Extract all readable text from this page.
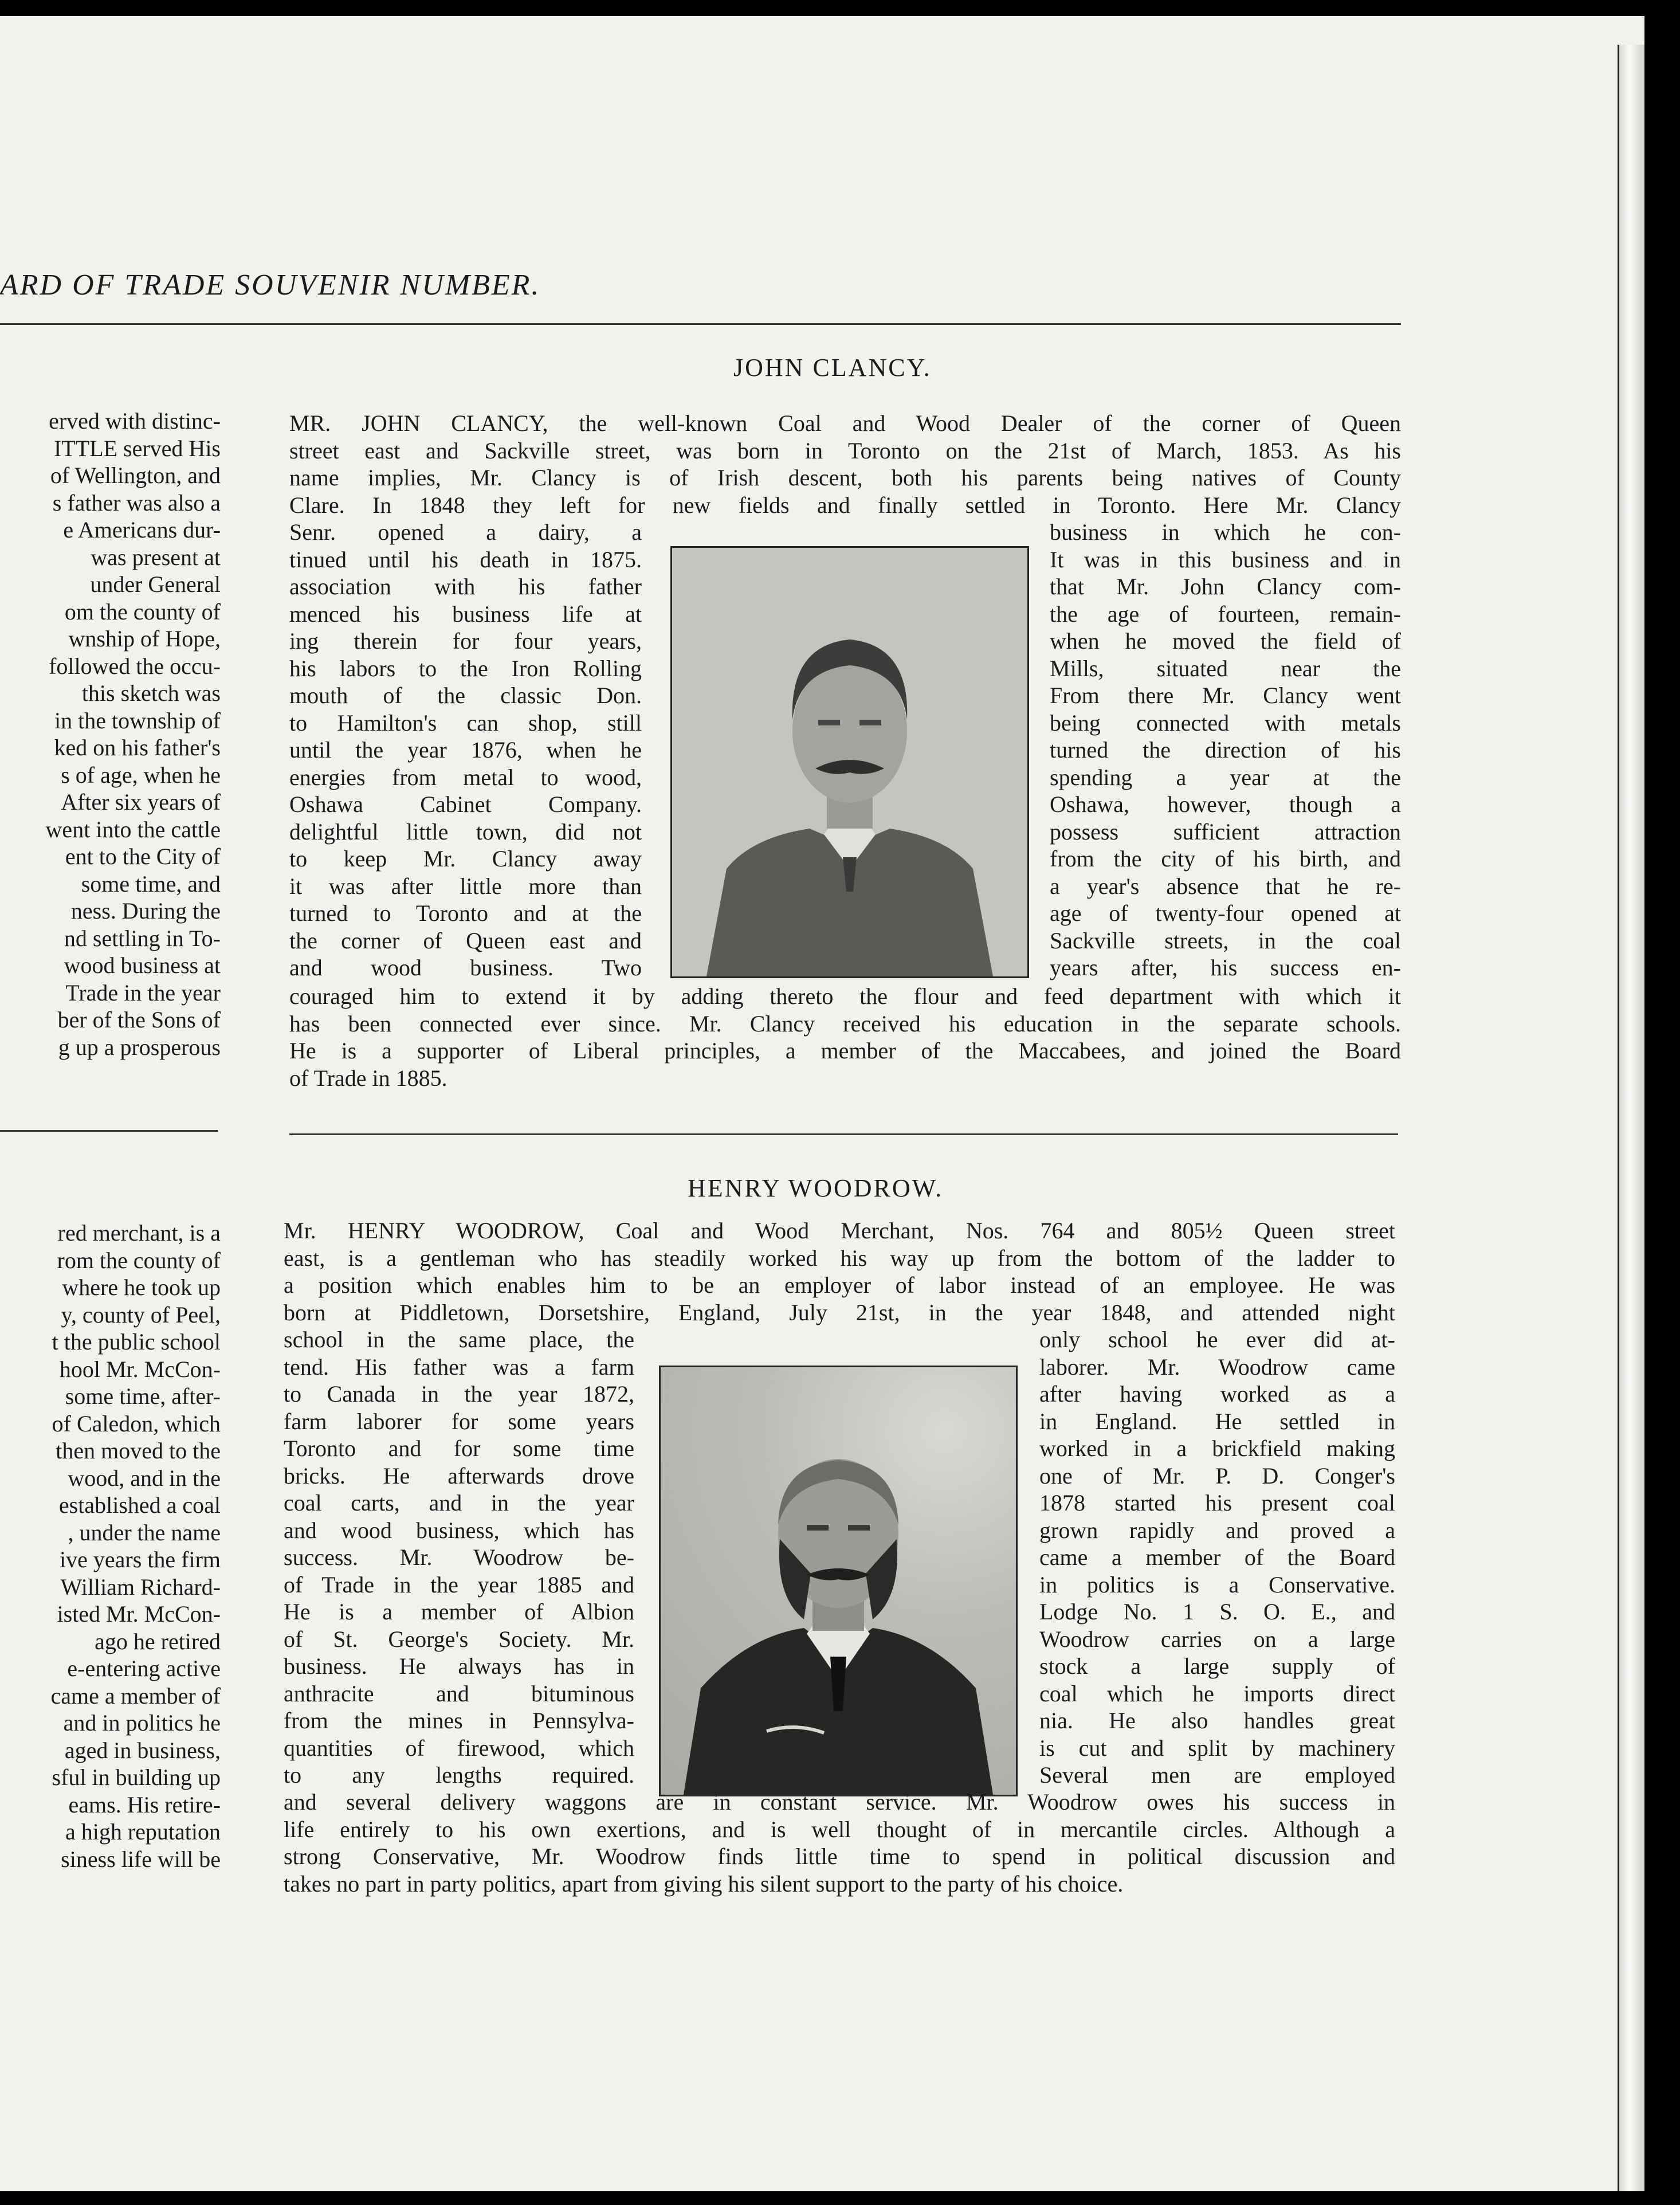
ARD OF TRADE SOUVENIR NUMBER.
erved with distinc-
ITTLE served His
of Wellington, and
s father was also a
e Americans dur-
was present at
under General
om the county of
wnship of Hope,
followed the occu-
this sketch was
in the township of
ked on his father's
s of age, when he
After six years of
went into the cattle
ent to the City of
some time, and
ness. During the
nd settling in To-
wood business at
Trade in the year
ber of the Sons of
g up a prosperous
red merchant, is a
rom the county of
where he took up
y, county of Peel,
t the public school
hool Mr. McCon-
some time, after-
of Caledon, which
then moved to the
wood, and in the
established a coal
, under the name
ive years the firm
William Richard-
isted Mr. McCon-
ago he retired
e-entering active
came a member of
and in politics he
aged in business,
sful in building up
eams. His retire-
a high reputation
siness life will be
JOHN CLANCY.
MR. JOHN CLANCY, the well-known Coal and Wood Dealer of the corner of Queen
street east and Sackville street, was born in Toronto on the 21st of March, 1853. As his
name implies, Mr. Clancy is of Irish descent, both his parents being natives of County
Clare. In 1848 they left for new fields and finally settled in Toronto. Here Mr. Clancy
Senr. opened a dairy, a
tinued until his death in 1875.
association with his father
menced his business life at
ing therein for four years,
his labors to the Iron Rolling
mouth of the classic Don.
to Hamilton's can shop, still
until the year 1876, when he
energies from metal to wood,
Oshawa Cabinet Company.
delightful little town, did not
to keep Mr. Clancy away
it was after little more than
turned to Toronto and at the
the corner of Queen east and
and wood business. Two
business in which he con-
It was in this business and in
that Mr. John Clancy com-
the age of fourteen, remain-
when he moved the field of
Mills, situated near the
From there Mr. Clancy went
being connected with metals
turned the direction of his
spending a year at the
Oshawa, however, though a
possess sufficient attraction
from the city of his birth, and
a year's absence that he re-
age of twenty-four opened at
Sackville streets, in the coal
years after, his success en-
couraged him to extend it by adding thereto the flour and feed department with which it
has been connected ever since. Mr. Clancy received his education in the separate schools.
He is a supporter of Liberal principles, a member of the Maccabees, and joined the Board
of Trade in 1885.
HENRY WOODROW.
Mr. HENRY WOODROW, Coal and Wood Merchant, Nos. 764 and 805½ Queen street
east, is a gentleman who has steadily worked his way up from the bottom of the ladder to
a position which enables him to be an employer of labor instead of an employee. He was
born at Piddletown, Dorsetshire, England, July 21st, in the year 1848, and attended night
school in the same place, the
tend. His father was a farm
to Canada in the year 1872,
farm laborer for some years
Toronto and for some time
bricks. He afterwards drove
coal carts, and in the year
and wood business, which has
success. Mr. Woodrow be-
of Trade in the year 1885 and
He is a member of Albion
of St. George's Society. Mr.
business. He always has in
anthracite and bituminous
from the mines in Pennsylva-
quantities of firewood, which
to any lengths required.
only school he ever did at-
laborer. Mr. Woodrow came
after having worked as a
in England. He settled in
worked in a brickfield making
one of Mr. P. D. Conger's
1878 started his present coal
grown rapidly and proved a
came a member of the Board
in politics is a Conservative.
Lodge No. 1 S. O. E., and
Woodrow carries on a large
stock a large supply of
coal which he imports direct
nia. He also handles great
is cut and split by machinery
Several men are employed
and several delivery waggons are in constant service. Mr. Woodrow owes his success in
life entirely to his own exertions, and is well thought of in mercantile circles. Although a
strong Conservative, Mr. Woodrow finds little time to spend in political discussion and
takes no part in party politics, apart from giving his silent support to the party of his choice.
